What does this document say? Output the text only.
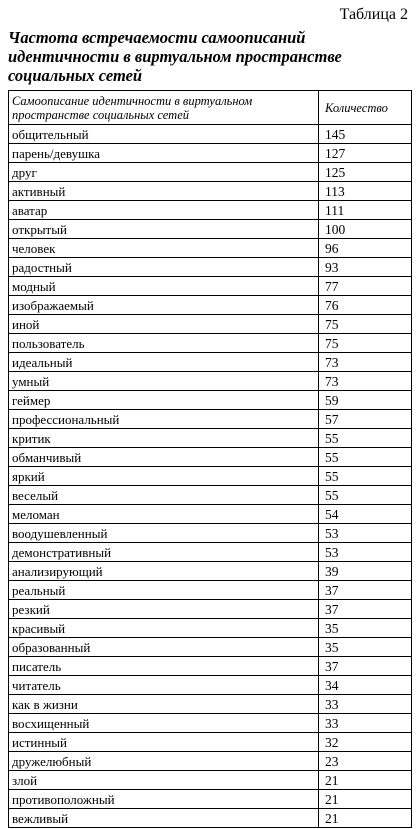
Таблица 2
Частота встречаемости самоописаний идентичности в виртуальном пространстве социальных сетей
Самоописание идентичности в виртуальном пространстве социальных сетей	Количество
общительный	145
парень/девушка	127
друг	125
активный	113
аватар	111
открытый	100
человек	96
радостный	93
модный	77
изображаемый	76
иной	75
пользователь	75
идеальный	73
умный	73
геймер	59
профессиональный	57
критик	55
обманчивый	55
яркий	55
веселый	55
меломан	54
воодушевленный	53
демонстративный	53
анализирующий	39
реальный	37
резкий	37
красивый	35
образованный	35
писатель	37
читатель	34
как в жизни	33
восхищенный	33
истинный	32
дружелюбный	23
злой	21
противоположный	21
вежливый	21
